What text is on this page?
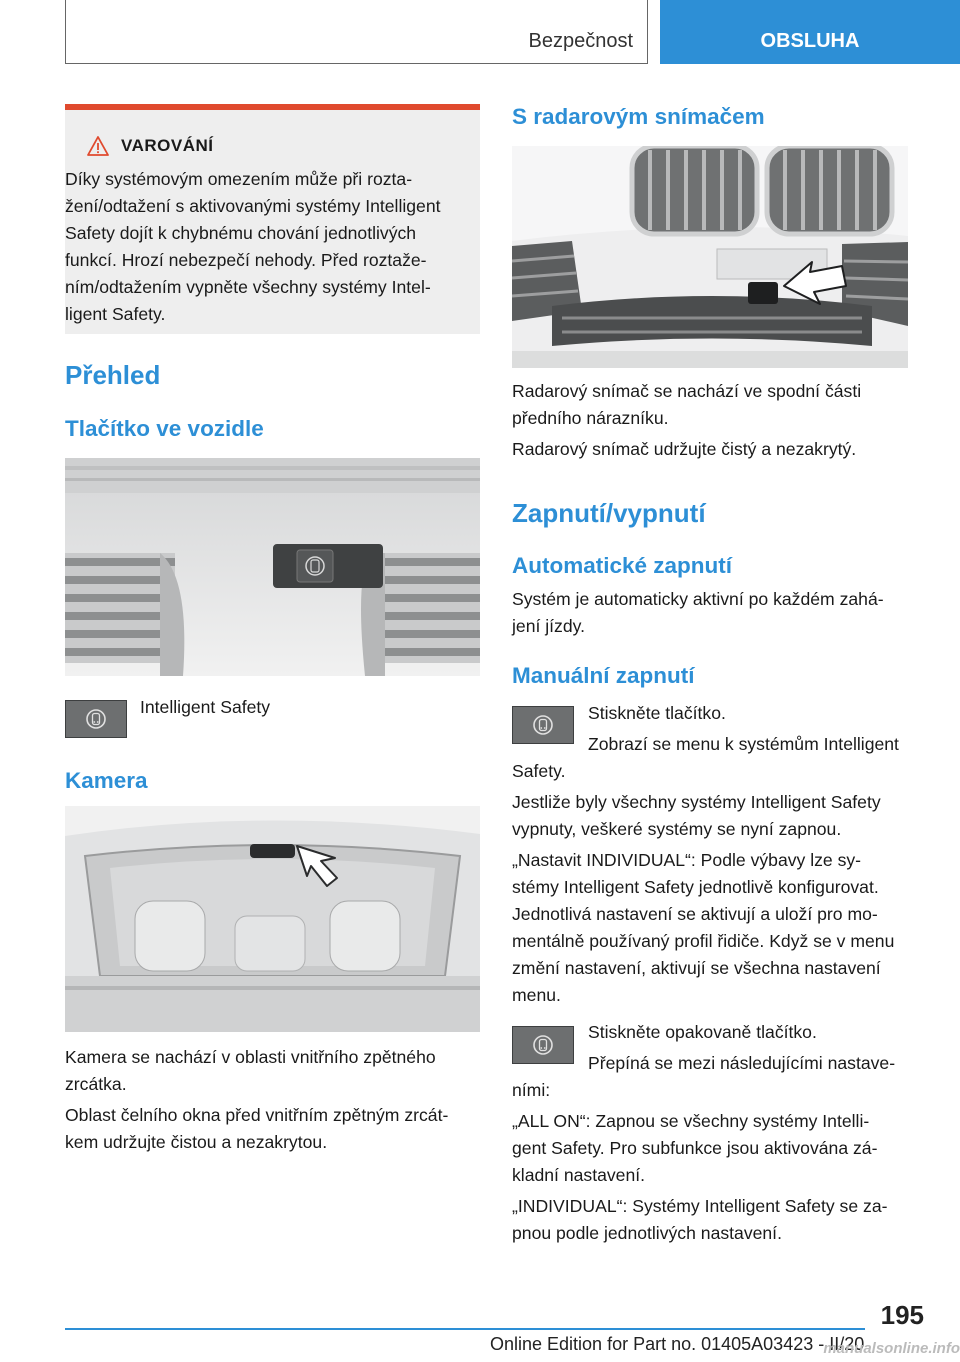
Bezpečnost	OBSLUHA
VAROVÁNÍ
Díky systémovým omezením může při rozta-
žení/odtažení s aktivovanými systémy Intelligent
Safety dojít k chybnému chování jednotlivých
funkcí. Hrozí nebezpečí nehody. Před roztaže-
ním/odtažením vypněte všechny systémy Intel-
ligent Safety.
Přehled
Tlačítko ve vozidle

Intelligent Safety

Kamera

Kamera se nachází v oblasti vnitřního zpětného
zrcátka.

Oblast čelního okna před vnitřním zpětným zrcát-
kem udržujte čistou a nezakrytou.

S radarovým snímačem

Radarový snímač se nachází ve spodní části
předního nárazníku.

Radarový snímač udržujte čistý a nezakrytý.

Zapnutí/vypnutí
Automatické zapnutí

Systém je automaticky aktivní po každém zahá-
jení jízdy.

Manuální zapnutí

Stiskněte tlačítko.

Zobrazí se menu k systémům Intelligent

Safety.

Jestliže byly všechny systémy Intelligent Safety
vypnuty, veškeré systémy se nyní zapnou.

„Nastavit INDIVIDUAL“: Podle výbavy lze sy-
stémy Intelligent Safety jednotlivě konfigurovat.
Jednotlivá nastavení se aktivují a uloží pro mo-
mentálně používaný profil řidiče. Když se v menu
změní nastavení, aktivují se všechna nastavení
menu.

Stiskněte opakovaně tlačítko.

Přepíná se mezi následujícími nastave-

ními:

„ALL ON“: Zapnou se všechny systémy Intelli-
gent Safety. Pro subfunkce jsou aktivována zá-
kladní nastavení.

„INDIVIDUAL“: Systémy Intelligent Safety se za-
pnou podle jednotlivých nastavení.

195
Online Edition for Part no. 01405A03423 - II/20
manualsonline.info
